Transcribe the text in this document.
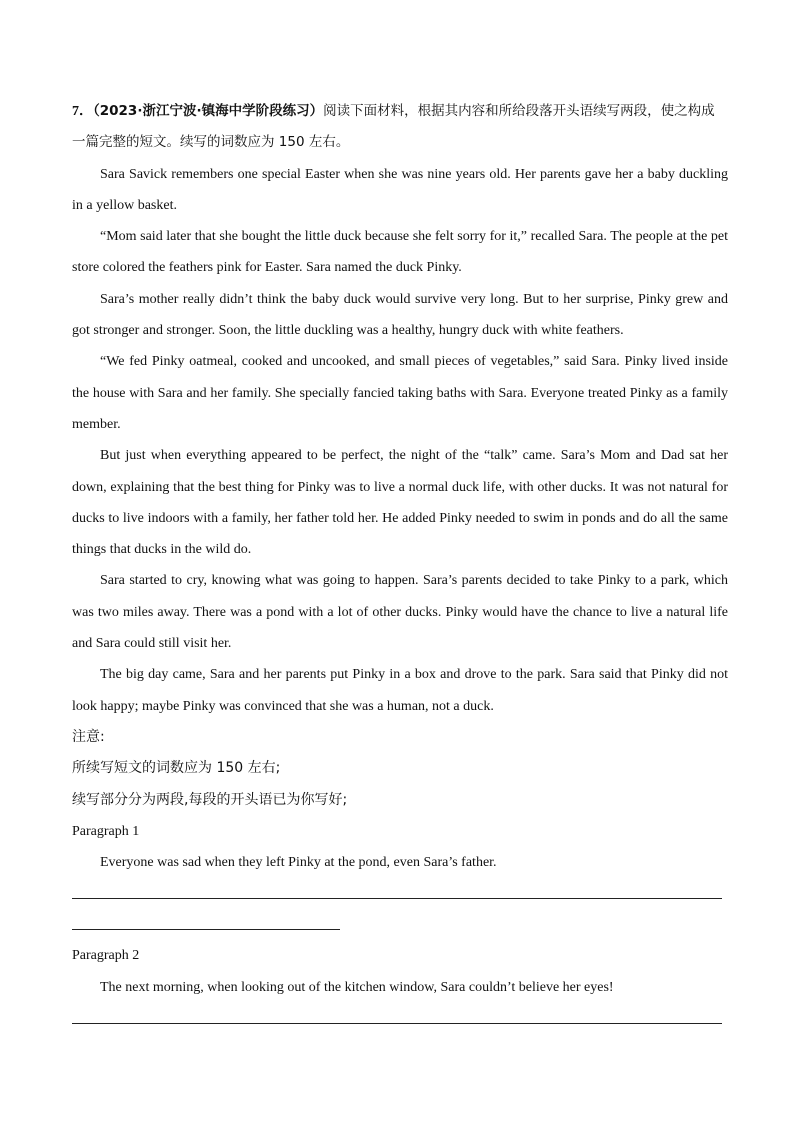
7．（2023·浙江宁波·镇海中学阶段练习）阅读下面材料，根据其内容和所给段落开头语续写两段，使之构成一篇完整的短文。续写的词数应为 150 左右。

Sara Savick remembers one special Easter when she was nine years old. Her parents gave her a baby duckling in a yellow basket.

“Mom said later that she bought the little duck because she felt sorry for it,” recalled Sara. The people at the pet store colored the feathers pink for Easter. Sara named the duck Pinky.

Sara’s mother really didn’t think the baby duck would survive very long. But to her surprise, Pinky grew and got stronger and stronger. Soon, the little duckling was a healthy, hungry duck with white feathers.

“We fed Pinky oatmeal, cooked and uncooked, and small pieces of vegetables,” said Sara. Pinky lived inside the house with Sara and her family. She specially fancied taking baths with Sara. Everyone treated Pinky as a family member.

But just when everything appeared to be perfect, the night of the “talk” came. Sara’s Mom and Dad sat her down, explaining that the best thing for Pinky was to live a normal duck life, with other ducks. It was not natural for ducks to live indoors with a family, her father told her. He added Pinky needed to swim in ponds and do all the same things that ducks in the wild do.

Sara started to cry, knowing what was going to happen. Sara’s parents decided to take Pinky to a park, which was two miles away. There was a pond with a lot of other ducks. Pinky would have the chance to live a natural life and Sara could still visit her.

The big day came, Sara and her parents put Pinky in a box and drove to the park. Sara said that Pinky did not look happy; maybe Pinky was convinced that she was a human, not a duck.

注意:

所续写短文的词数应为 150 左右;

续写部分分为两段,每段的开头语已为你写好;

Paragraph 1

Everyone was sad when they left Pinky at the pond, even Sara’s father.

Paragraph 2

The next morning, when looking out of the kitchen window, Sara couldn’t believe her eyes!
